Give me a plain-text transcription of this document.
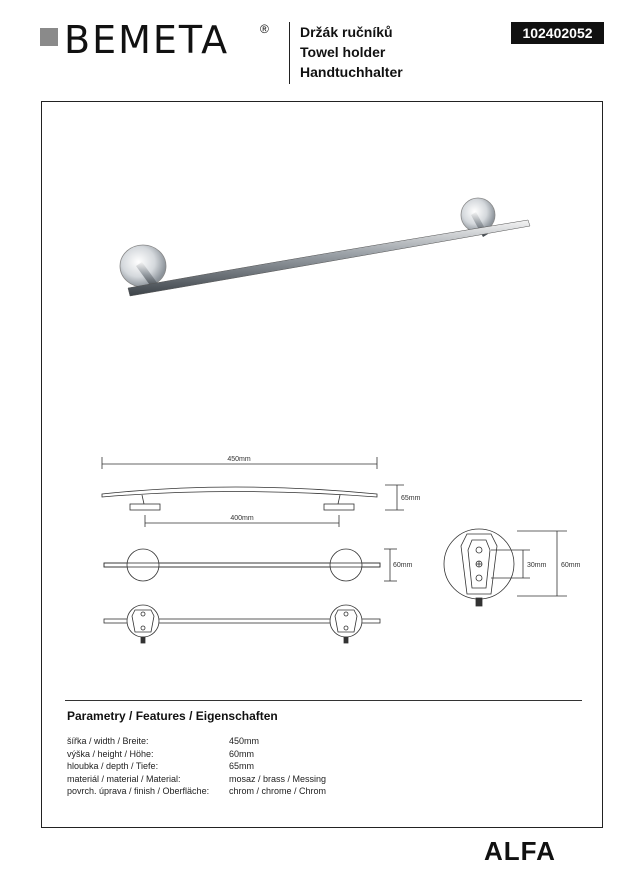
BEMETA	® Držák ručníků
Towel holder
Handtuchhalter
102402052
450mm
400mm
65mm
60mm	30mm 60mm
Parametry / Features / Eigenschaften
šířka / width / Breite:	450mm
výška / height / Höhe:	60mm
hloubka / depth / Tiefe:	65mm
materiál / material / Material:	mosaz / brass / Messing
povrch. úprava / finish / Oberfläche:	chrom / chrome / Chrom
ALFA
